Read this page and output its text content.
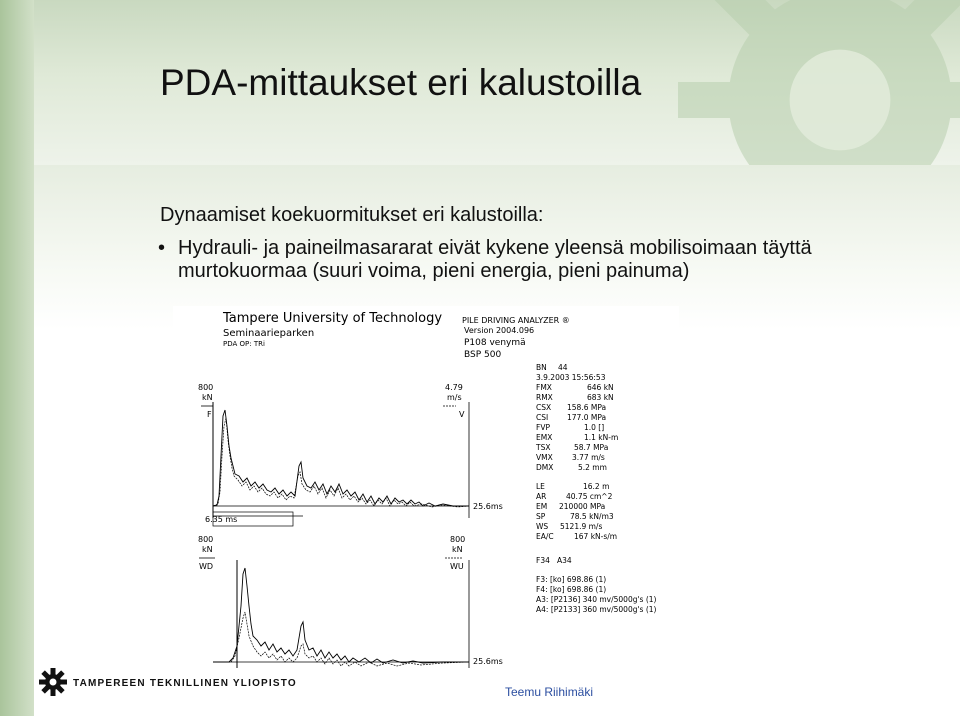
PDA-mittaukset eri kalustoilla
Dynaamiset koekuormitukset eri kalustoilla:
• Hydrauli- ja paineilmasararat eivät kykene yleensä mobilisoimaan täyttä murtokuormaa (suuri voima, pieni energia, pieni painuma)
Tampere University of Technology
Seminaarieparken
PDA OP: TRi
PILE DRIVING ANALYZER ®
Version 2004.096
P108 venymä
BSP 500
800
kN
F
4.79
m/s
V
6.35 ms
25.6ms
800
kN
WD
800
kN
WU
25.6ms
BN 44
3.9.2003 15:56:53
FMX	646 kN
RMX	683 kN
CSX 158.6 MPa
CSI	177.0 MPa
FVP	1.0 []
EMX	1.1 kN-m
TSX	58.7 MPa
VMX	3.77 m/s
DMX	5.2 mm
LE	16.2 m
AR	40.75 cm^2
EM 210000 MPa
SP	78.5 kN/m3
WS 5121.9 m/s
EA/C	167 kN-s/m
F34   A34
F3: [ko] 698.86 (1)
F4: [ko] 698.86 (1)
A3: [P2136] 340 mv/5000g's (1)
A4: [P2133] 360 mv/5000g's (1)
TAMPEREEN TEKNILLINEN YLIOPISTO
Teemu Riihimäki
